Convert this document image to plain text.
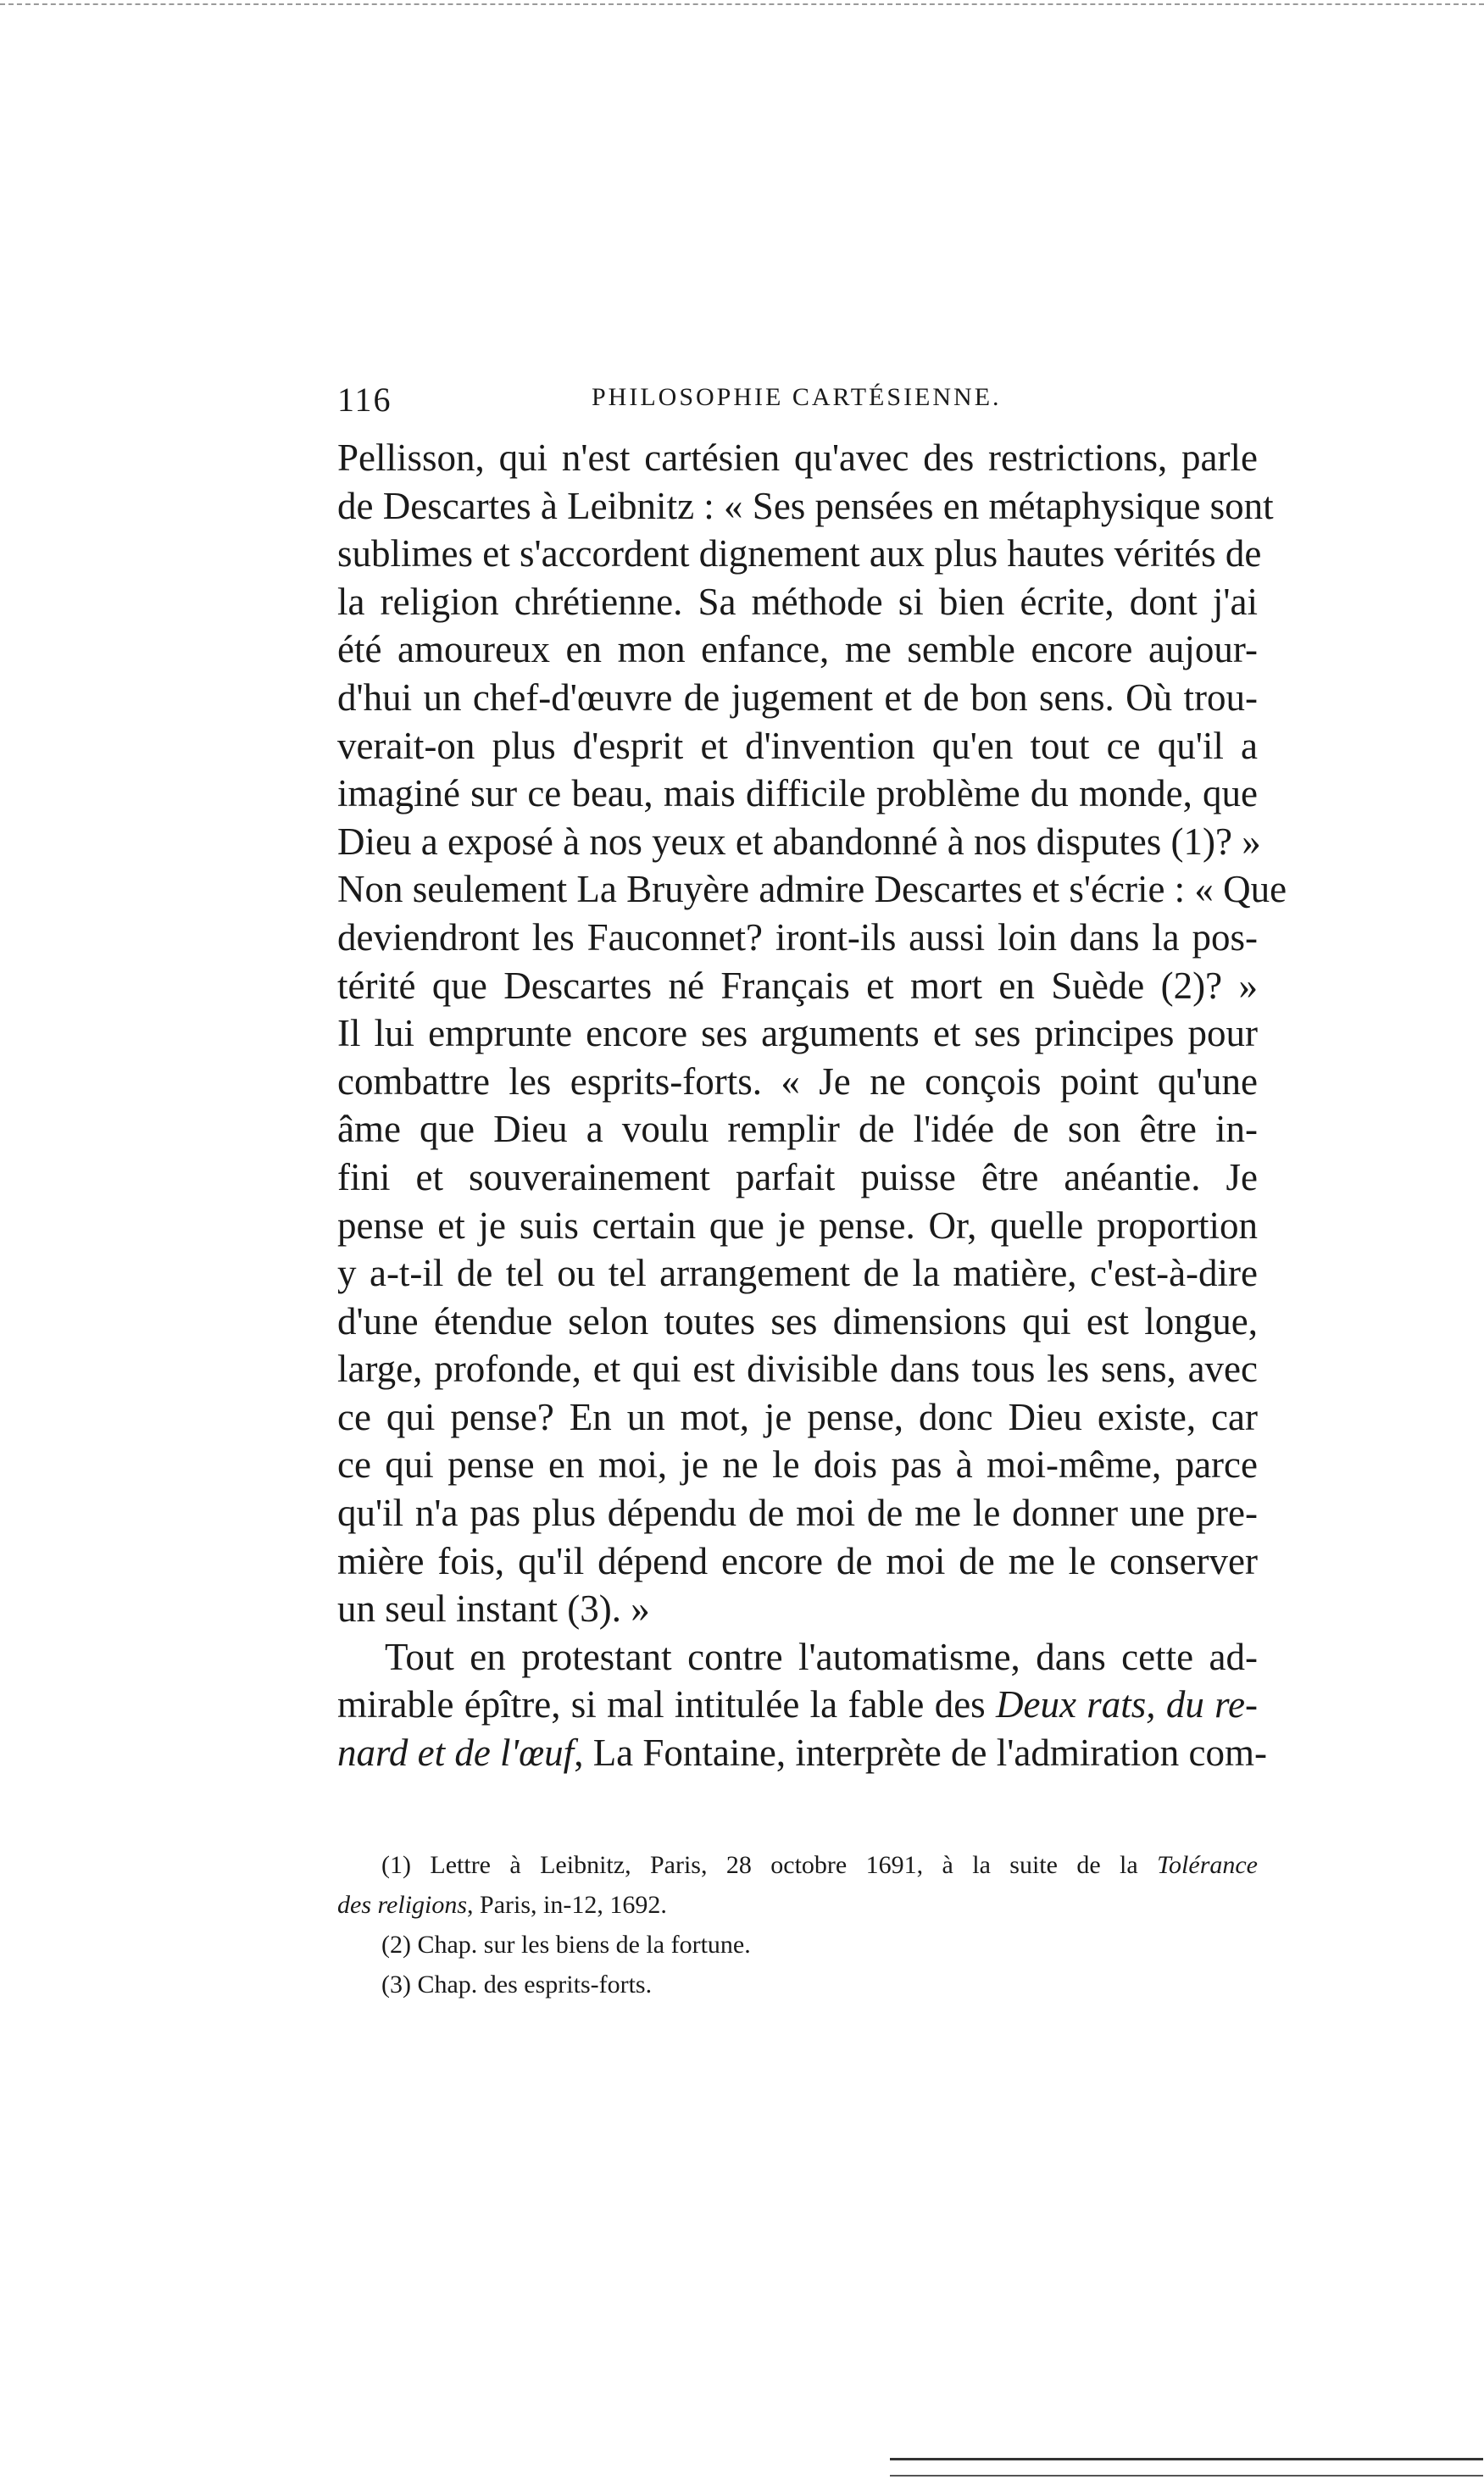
116	PHILOSOPHIE CARTÉSIENNE.
Pellisson, qui n'est cartésien qu'avec des restrictions, parle
de Descartes à Leibnitz : « Ses pensées en métaphysique sont
sublimes et s'accordent dignement aux plus hautes vérités de
la religion chrétienne. Sa méthode si bien écrite, dont j'ai
été amoureux en mon enfance, me semble encore aujour-
d'hui un chef-d'œuvre de jugement et de bon sens. Où trou-
verait-on plus d'esprit et d'invention qu'en tout ce qu'il a
imaginé sur ce beau, mais difficile problème du monde, que
Dieu a exposé à nos yeux et abandonné à nos disputes (1)? »
Non seulement La Bruyère admire Descartes et s'écrie : « Que
deviendront les Fauconnet? iront-ils aussi loin dans la pos-
térité que Descartes né Français et mort en Suède (2)? »
Il lui emprunte encore ses arguments et ses principes pour
combattre les esprits-forts. « Je ne conçois point qu'une
âme que Dieu a voulu remplir de l'idée de son être in-
fini et souverainement parfait puisse être anéantie. Je
pense et je suis certain que je pense. Or, quelle proportion
y a-t-il de tel ou tel arrangement de la matière, c'est-à-dire
d'une étendue selon toutes ses dimensions qui est longue,
large, profonde, et qui est divisible dans tous les sens, avec
ce qui pense? En un mot, je pense, donc Dieu existe, car
ce qui pense en moi, je ne le dois pas à moi-même, parce
qu'il n'a pas plus dépendu de moi de me le donner une pre-
mière fois, qu'il dépend encore de moi de me le conserver
un seul instant (3). »
Tout en protestant contre l'automatisme, dans cette ad-
mirable épître, si mal intitulée la fable des Deux rats, du re-
nard et de l'œuf, La Fontaine, interprète de l'admiration com-
(1) Lettre à Leibnitz, Paris, 28 octobre 1691, à la suite de la Tolérance
des religions, Paris, in-12, 1692.
(2) Chap. sur les biens de la fortune.
(3) Chap. des esprits-forts.
